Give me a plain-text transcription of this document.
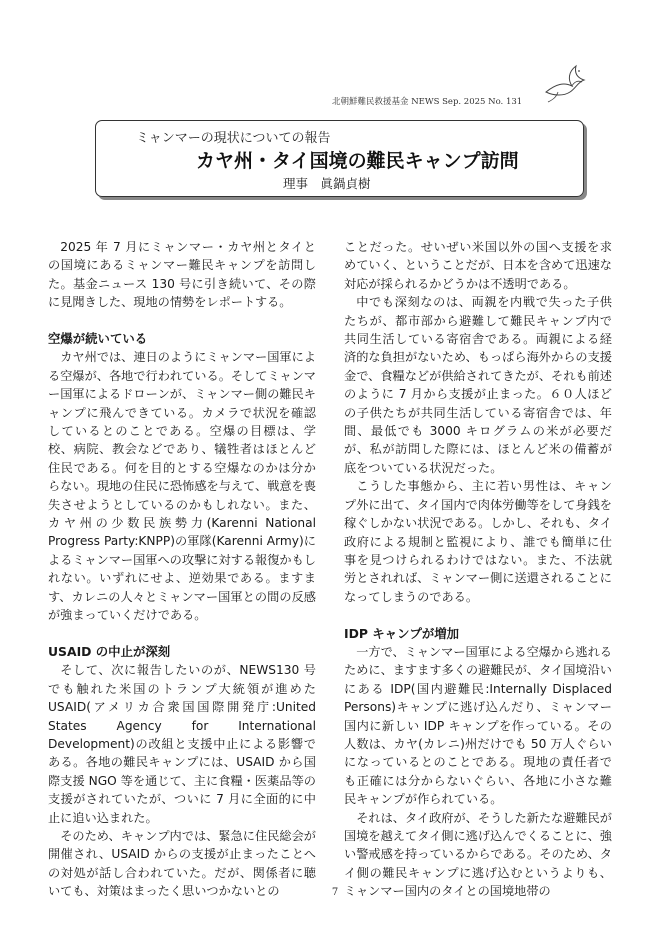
北朝鮮難民救援基金 NEWS Sep. 2025 No. 131
ミャンマーの現状についての報告
カヤ州・タイ国境の難民キャンプ訪問
理事　眞鍋貞樹

2025 年 7 月にミャンマー・カヤ州とタイとの国境にあるミャンマー難民キャンプを訪問した。基金ニュース 130 号に引き続いて、その際に見聞きした、現地の情勢をレポートする。

空爆が続いている

カヤ州では、連日のようにミャンマー国軍による空爆が、各地で行われている。そしてミャンマー国軍によるドローンが、ミャンマー側の難民キャンプに飛んできている。カメラで状況を確認しているとのことである。空爆の目標は、学校、病院、教会などであり、犠牲者はほとんど住民である。何を目的とする空爆なのかは分からない。現地の住民に恐怖感を与えて、戦意を喪失させようとしているのかもしれない。また、カヤ州の少数民族勢力(Karenni National Progress Party:KNPP)の軍隊(Karenni Army)によるミャンマー国軍への攻撃に対する報復かもしれない。いずれにせよ、逆効果である。ますます、カレニの人々とミャンマー国軍との間の反感が強まっていくだけである。

USAID の中止が深刻

そして、次に報告したいのが、NEWS130 号でも触れた米国のトランプ大統領が進めた USAID(アメリカ合衆国国際開発庁:United States Agency for International Development)の改組と支援中止による影響である。各地の難民キャンプには、USAID から国際支援 NGO 等を通じて、主に食糧・医薬品等の支援がされていたが、ついに 7 月に全面的に中止に追い込まれた。

そのため、キャンプ内では、緊急に住民総会が開催され、USAID からの支援が止まったことへの対処が話し合われていた。だが、関係者に聴いても、対策はまったく思いつかないとの

ことだった。せいぜい米国以外の国へ支援を求めていく、ということだが、日本を含めて迅速な対応が採られるかどうかは不透明である。

中でも深刻なのは、両親を内戦で失った子供たちが、都市部から避難して難民キャンプ内で共同生活している寄宿舎である。両親による経済的な負担がないため、もっぱら海外からの支援金で、食糧などが供給されてきたが、それも前述のように 7 月から支援が止まった。６０人ほどの子供たちが共同生活している寄宿舎では、年間、最低でも 3000 キログラムの米が必要だが、私が訪問した際には、ほとんど米の備蓄が底をついている状況だった。

こうした事態から、主に若い男性は、キャンプ外に出て、タイ国内で肉体労働等をして身銭を稼ぐしかない状況である。しかし、それも、タイ政府による規制と監視により、誰でも簡単に仕事を見つけられるわけではない。また、不法就労とされれば、ミャンマー側に送還されることになってしまうのである。

IDP キャンプが増加

一方で、ミャンマー国軍による空爆から逃れるために、ますます多くの避難民が、タイ国境沿いにある IDP(国内避難民:Internally Displaced Persons)キャンプに逃げ込んだり、ミャンマー国内に新しい IDP キャンプを作っている。その人数は、カヤ(カレニ)州だけでも 50 万人ぐらいになっているとのことである。現地の責任者でも正確には分からないぐらい、各地に小さな難民キャンプが作られている。

それは、タイ政府が、そうした新たな避難民が国境を越えてタイ側に逃げ込んでくることに、強い警戒感を持っているからである。そのため、タイ側の難民キャンプに逃げ込むというよりも、ミャンマー国内のタイとの国境地帯の

7
